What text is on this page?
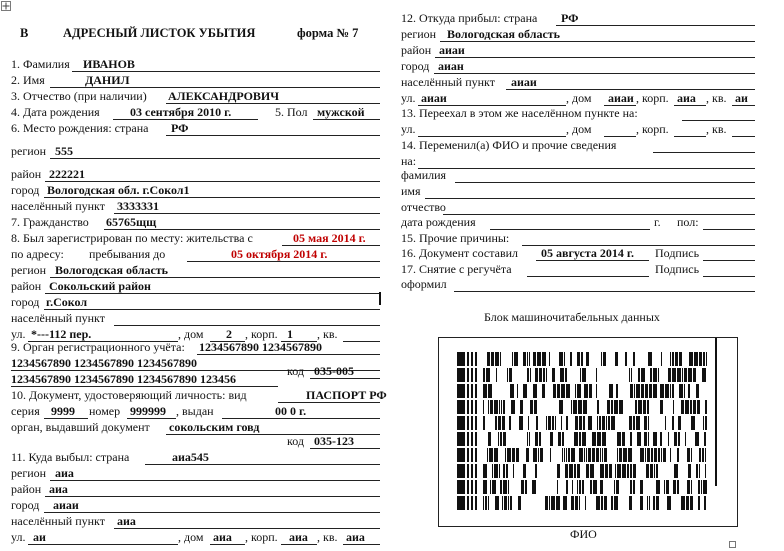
В	АДРЕСНЫЙ ЛИСТОК УБЫТИЯ	форма № 7
1. Фамилия ИВАНОВ
2. Имя	ДАНИЛ
3. Отчество (при наличии) АЛЕКСАНДРОВИЧ
4. Дата рождения	03 сентября 2010 г.	5. Пол мужской
6. Место рождения: страна РФ
регион 555
район 222221
город Вологодская обл. г.Сокол1
населённый пункт 3333331
7. Гражданство 65765щщ
8. Был зарегистрирован по месту: жительства с	05 мая 2014 г.
по адресу: пребывания до	05 октября 2014 г.
регион Вологодская область
район Сокольский район
город г.Сокол
населённый пункт
ул. *---112 пер.	, дом 2 , корп. 1 , кв.
9. Орган регистрационного учёта: 1234567890 1234567890
1234567890 1234567890 1234567890
1234567890 1234567890 1234567890 123456
код 035-005
10. Документ, удостоверяющий личность: вид	ПАСПОРТ РФ
серия 9999 номер 999999 , выдан	00 0 г.
орган, выдавший документ сокольским говд
код 035-123
11. Куда выбыл: страна	аиа545
регион аиа
район аиа
город аиаи
населённый пункт аиа
ул. аи	, дом аиа , корп. аиа , кв. аиа
12. Откуда прибыл: страна РФ
регион Вологодская область
район аиаи
город аиан
населённый пункт аиаи
ул. аиаи	, дом аиаи , корп. аиа , кв. аи
13. Переехал в этом же населённом пункте на:
ул.	, дом	, корп.	, кв.
14. Переменил(а) ФИО и прочие сведения
на:
фамилия
имя
отчество
дата рождения	г. пол:
15. Прочие причины:
16. Документ составил 05 августа 2014 г. Подпись
17. Снятие с регучёта	Подпись
оформил
Блок машиночитабельных данных
ФИО
